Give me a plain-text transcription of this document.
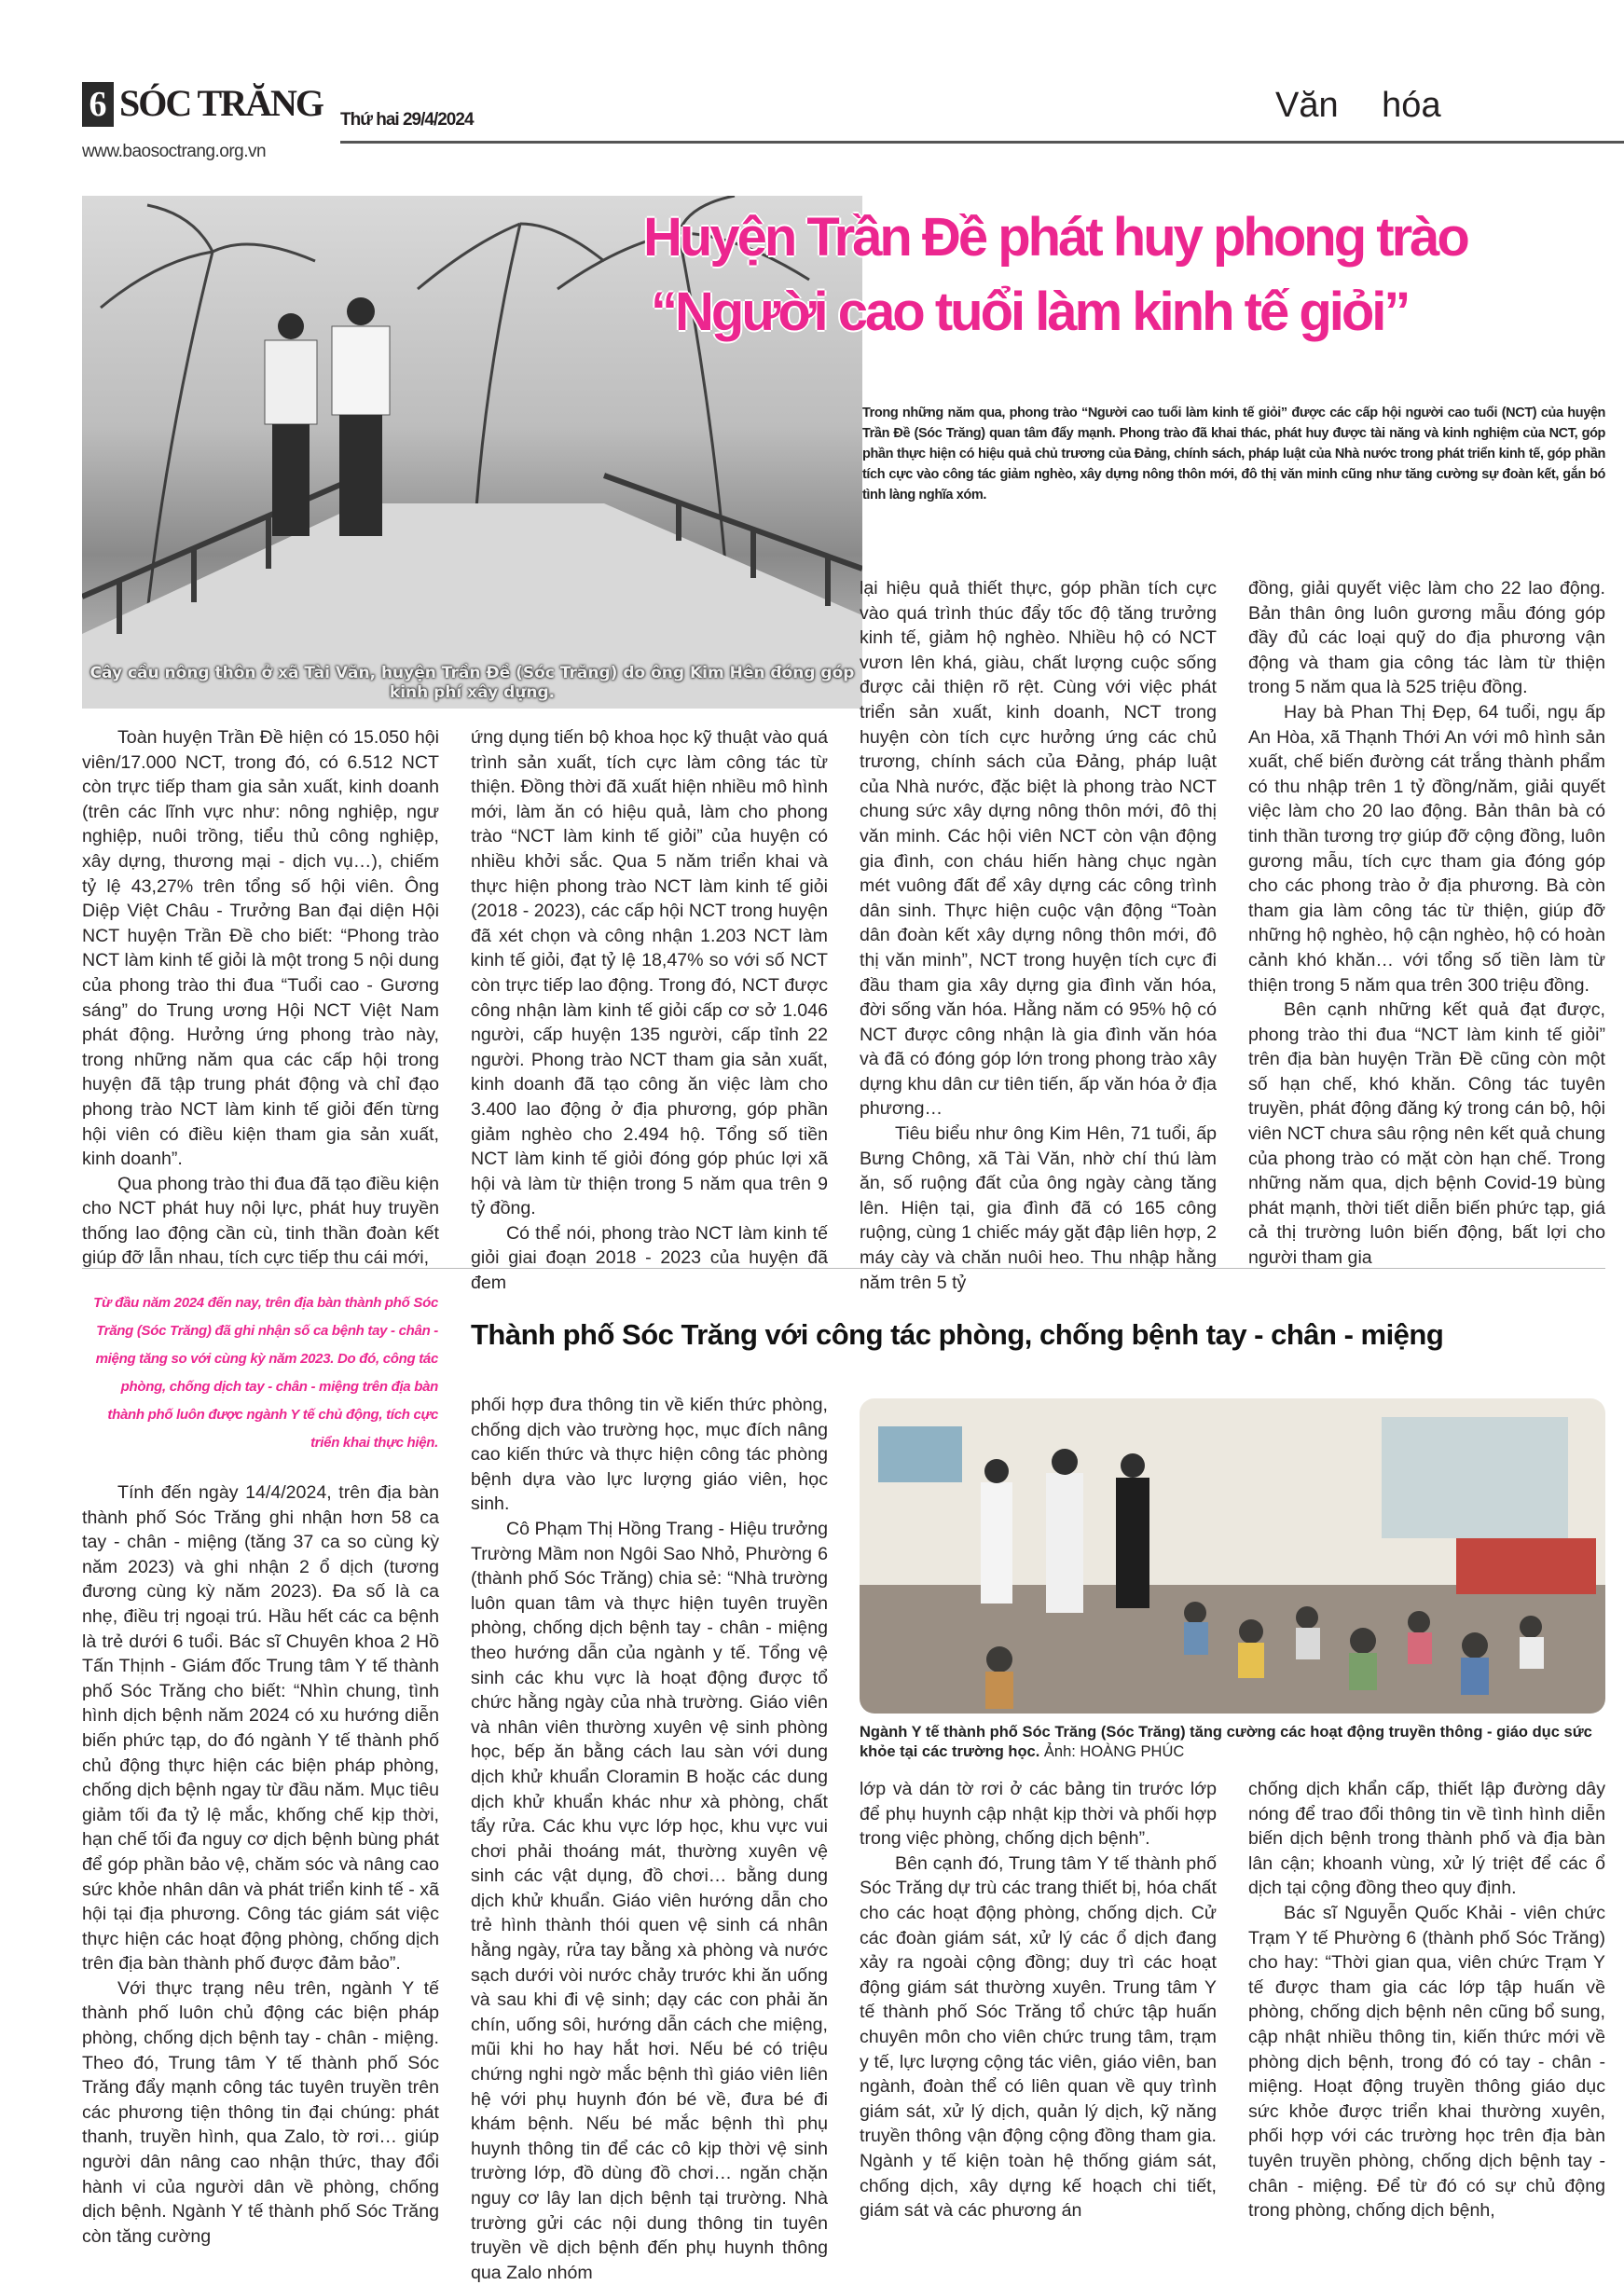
6 SÓC TRĂNG	Thứ hai 29/4/2024	Văn hóa
www.baosoctrang.org.vn
Cây cầu nông thôn ở xã Tài Văn, huyện Trần Đề (Sóc Trăng) do ông Kim Hên đóng góp kinh phí xây dựng.
Huyện Trần Đề phát huy phong trào
“Người cao tuổi làm kinh tế giỏi”
Trong những năm qua, phong trào “Người cao tuổi làm kinh tế giỏi” được các cấp hội người cao tuổi (NCT) của huyện Trần Đề (Sóc Trăng) quan tâm đẩy mạnh. Phong trào đã khai thác, phát huy được tài năng và kinh nghiệm của NCT, góp phần thực hiện có hiệu quả chủ trương của Đảng, chính sách, pháp luật của Nhà nước trong phát triển kinh tế, góp phần tích cực vào công tác giảm nghèo, xây dựng nông thôn mới, đô thị văn minh cũng như tăng cường sự đoàn kết, gắn bó tình làng nghĩa xóm.

Toàn huyện Trần Đề hiện có 15.050 hội viên/17.000 NCT, trong đó, có 6.512 NCT còn trực tiếp tham gia sản xuất, kinh doanh (trên các lĩnh vực như: nông nghiệp, ngư nghiệp, nuôi trồng, tiểu thủ công nghiệp, xây dựng, thương mại - dịch vụ…), chiếm tỷ lệ 43,27% trên tổng số hội viên. Ông Diệp Việt Châu - Trưởng Ban đại diện Hội NCT huyện Trần Đề cho biết: “Phong trào NCT làm kinh tế giỏi là một trong 5 nội dung của phong trào thi đua “Tuổi cao - Gương sáng” do Trung ương Hội NCT Việt Nam phát động. Hưởng ứng phong trào này, trong những năm qua các cấp hội trong huyện đã tập trung phát động và chỉ đạo phong trào NCT làm kinh tế giỏi đến từng hội viên có điều kiện tham gia sản xuất, kinh doanh”.

Qua phong trào thi đua đã tạo điều kiện cho NCT phát huy nội lực, phát huy truyền thống lao động cần cù, tinh thần đoàn kết giúp đỡ lẫn nhau, tích cực tiếp thu cái mới,

ứng dụng tiến bộ khoa học kỹ thuật vào quá trình sản xuất, tích cực làm công tác từ thiện. Đồng thời đã xuất hiện nhiều mô hình mới, làm ăn có hiệu quả, làm cho phong trào “NCT làm kinh tế giỏi” của huyện có nhiều khởi sắc. Qua 5 năm triển khai và thực hiện phong trào NCT làm kinh tế giỏi (2018 - 2023), các cấp hội NCT trong huyện đã xét chọn và công nhận 1.203 NCT làm kinh tế giỏi, đạt tỷ lệ 18,47% so với số NCT còn trực tiếp lao động. Trong đó, NCT được công nhận làm kinh tế giỏi cấp cơ sở 1.046 người, cấp huyện 135 người, cấp tỉnh 22 người. Phong trào NCT tham gia sản xuất, kinh doanh đã tạo công ăn việc làm cho 3.400 lao động ở địa phương, góp phần giảm nghèo cho 2.494 hộ. Tổng số tiền NCT làm kinh tế giỏi đóng góp phúc lợi xã hội và làm từ thiện trong 5 năm qua trên 9 tỷ đồng.

Có thể nói, phong trào NCT làm kinh tế giỏi giai đoạn 2018 - 2023 của huyện đã đem

lại hiệu quả thiết thực, góp phần tích cực vào quá trình thúc đẩy tốc độ tăng trưởng kinh tế, giảm hộ nghèo. Nhiều hộ có NCT vươn lên khá, giàu, chất lượng cuộc sống được cải thiện rõ rệt. Cùng với việc phát triển sản xuất, kinh doanh, NCT trong huyện còn tích cực hưởng ứng các chủ trương, chính sách của Đảng, pháp luật của Nhà nước, đặc biệt là phong trào NCT chung sức xây dựng nông thôn mới, đô thị văn minh. Các hội viên NCT còn vận động gia đình, con cháu hiến hàng chục ngàn mét vuông đất để xây dựng các công trình dân sinh. Thực hiện cuộc vận động “Toàn dân đoàn kết xây dựng nông thôn mới, đô thị văn minh”, NCT trong huyện tích cực đi đầu tham gia xây dựng gia đình văn hóa, đời sống văn hóa. Hằng năm có 95% hộ có NCT được công nhận là gia đình văn hóa và đã có đóng góp lớn trong phong trào xây dựng khu dân cư tiên tiến, ấp văn hóa ở địa phương…

Tiêu biểu như ông Kim Hên, 71 tuổi, ấp Bưng Chông, xã Tài Văn, nhờ chí thú làm ăn, số ruộng đất của ông ngày càng tăng lên. Hiện tại, gia đình đã có 165 công ruộng, cùng 1 chiếc máy gặt đập liên hợp, 2 máy cày và chăn nuôi heo. Thu nhập hằng năm trên 5 tỷ

đồng, giải quyết việc làm cho 22 lao động. Bản thân ông luôn gương mẫu đóng góp đầy đủ các loại quỹ do địa phương vận động và tham gia công tác làm từ thiện trong 5 năm qua là 525 triệu đồng.

Hay bà Phan Thị Đẹp, 64 tuổi, ngụ ấp An Hòa, xã Thạnh Thới An với mô hình sản xuất, chế biến đường cát trắng thành phẩm có thu nhập trên 1 tỷ đồng/năm, giải quyết việc làm cho 20 lao động. Bản thân bà có tinh thần tương trợ giúp đỡ cộng đồng, luôn gương mẫu, tích cực tham gia đóng góp cho các phong trào ở địa phương. Bà còn tham gia làm công tác từ thiện, giúp đỡ những hộ nghèo, hộ cận nghèo, hộ có hoàn cảnh khó khăn… với tổng số tiền làm từ thiện trong 5 năm qua trên 300 triệu đồng.

Bên cạnh những kết quả đạt được, phong trào thi đua “NCT làm kinh tế giỏi” trên địa bàn huyện Trần Đề cũng còn một số hạn chế, khó khăn. Công tác tuyên truyền, phát động đăng ký trong cán bộ, hội viên NCT chưa sâu rộng nên kết quả chung của phong trào có mặt còn hạn chế. Trong những năm qua, dịch bệnh Covid-19 bùng phát mạnh, thời tiết diễn biến phức tạp, giá cả thị trường luôn biến động, bất lợi cho người tham gia

Từ đầu năm 2024 đến nay, trên địa bàn thành phố Sóc Trăng (Sóc Trăng) đã ghi nhận số ca bệnh tay - chân - miệng tăng so với cùng kỳ năm 2023. Do đó, công tác phòng, chống dịch tay - chân - miệng trên địa bàn thành phố luôn được ngành Y tế chủ động, tích cực triển khai thực hiện.
Thành phố Sóc Trăng với công tác phòng, chống bệnh tay - chân - miệng
Ngành Y tế thành phố Sóc Trăng (Sóc Trăng) tăng cường các hoạt động truyền thông - giáo dục sức khỏe tại các trường học. Ảnh: HOÀNG PHÚC

Tính đến ngày 14/4/2024, trên địa bàn thành phố Sóc Trăng ghi nhận hơn 58 ca tay - chân - miệng (tăng 37 ca so cùng kỳ năm 2023) và ghi nhận 2 ổ dịch (tương đương cùng kỳ năm 2023). Đa số là ca nhẹ, điều trị ngoại trú. Hầu hết các ca bệnh là trẻ dưới 6 tuổi. Bác sĩ Chuyên khoa 2 Hồ Tấn Thịnh - Giám đốc Trung tâm Y tế thành phố Sóc Trăng cho biết: “Nhìn chung, tình hình dịch bệnh năm 2024 có xu hướng diễn biến phức tạp, do đó ngành Y tế thành phố chủ động thực hiện các biện pháp phòng, chống dịch bệnh ngay từ đầu năm. Mục tiêu giảm tối đa tỷ lệ mắc, khống chế kịp thời, hạn chế tối đa nguy cơ dịch bệnh bùng phát để góp phần bảo vệ, chăm sóc và nâng cao sức khỏe nhân dân và phát triển kinh tế - xã hội tại địa phương. Công tác giám sát việc thực hiện các hoạt động phòng, chống dịch trên địa bàn thành phố được đảm bảo”.

Với thực trạng nêu trên, ngành Y tế thành phố luôn chủ động các biện pháp phòng, chống dịch bệnh tay - chân - miệng. Theo đó, Trung tâm Y tế thành phố Sóc Trăng đẩy mạnh công tác tuyên truyền trên các phương tiện thông tin đại chúng: phát thanh, truyền hình, qua Zalo, tờ rơi… giúp người dân nâng cao nhận thức, thay đổi hành vi của người dân về phòng, chống dịch bệnh. Ngành Y tế thành phố Sóc Trăng còn tăng cường

phối hợp đưa thông tin về kiến thức phòng, chống dịch vào trường học, mục đích nâng cao kiến thức và thực hiện công tác phòng bệnh dựa vào lực lượng giáo viên, học sinh.

Cô Phạm Thị Hồng Trang - Hiệu trưởng Trường Mầm non Ngôi Sao Nhỏ, Phường 6 (thành phố Sóc Trăng) chia sẻ: “Nhà trường luôn quan tâm và thực hiện tuyên truyền phòng, chống dịch bệnh tay - chân - miệng theo hướng dẫn của ngành y tế. Tổng vệ sinh các khu vực là hoạt động được tổ chức hằng ngày của nhà trường. Giáo viên và nhân viên thường xuyên vệ sinh phòng học, bếp ăn bằng cách lau sàn với dung dịch khử khuẩn Cloramin B hoặc các dung dịch khử khuẩn khác như xà phòng, chất tẩy rửa. Các khu vực lớp học, khu vực vui chơi phải thoáng mát, thường xuyên vệ sinh các vật dụng, đồ chơi… bằng dung dịch khử khuẩn. Giáo viên hướng dẫn cho trẻ hình thành thói quen vệ sinh cá nhân hằng ngày, rửa tay bằng xà phòng và nước sạch dưới vòi nước chảy trước khi ăn uống và sau khi đi vệ sinh; dạy các con phải ăn chín, uống sôi, hướng dẫn cách che miệng, mũi khi ho hay hắt hơi. Nếu bé có triệu chứng nghi ngờ mắc bệnh thì giáo viên liên hệ với phụ huynh đón bé về, đưa bé đi khám bệnh. Nếu bé mắc bệnh thì phụ huynh thông tin để các cô kịp thời vệ sinh trường lớp, đồ dùng đồ chơi… ngăn chặn nguy cơ lây lan dịch bệnh tại trường. Nhà trường gửi các nội dung thông tin tuyên truyền về dịch bệnh đến phụ huynh thông qua Zalo nhóm

lớp và dán tờ rơi ở các bảng tin trước lớp để phụ huynh cập nhật kịp thời và phối hợp trong việc phòng, chống dịch bệnh”.

Bên cạnh đó, Trung tâm Y tế thành phố Sóc Trăng dự trù các trang thiết bị, hóa chất cho các hoạt động phòng, chống dịch. Cử các đoàn giám sát, xử lý các ổ dịch đang xảy ra ngoài cộng đồng; duy trì các hoạt động giám sát thường xuyên. Trung tâm Y tế thành phố Sóc Trăng tổ chức tập huấn chuyên môn cho viên chức trung tâm, trạm y tế, lực lượng cộng tác viên, giáo viên, ban ngành, đoàn thể có liên quan về quy trình giám sát, xử lý dịch, quản lý dịch, kỹ năng truyền thông vận động cộng đồng tham gia. Ngành y tế kiện toàn hệ thống giám sát, chống dịch, xây dựng kế hoạch chi tiết, giám sát và các phương án

chống dịch khẩn cấp, thiết lập đường dây nóng để trao đổi thông tin về tình hình diễn biến dịch bệnh trong thành phố và địa bàn lân cận; khoanh vùng, xử lý triệt để các ổ dịch tại cộng đồng theo quy định.

Bác sĩ Nguyễn Quốc Khải - viên chức Trạm Y tế Phường 6 (thành phố Sóc Trăng) cho hay: “Thời gian qua, viên chức Trạm Y tế được tham gia các lớp tập huấn về phòng, chống dịch bệnh nên cũng bổ sung, cập nhật nhiều thông tin, kiến thức mới về phòng dịch bệnh, trong đó có tay - chân - miệng. Hoạt động truyền thông giáo dục sức khỏe được triển khai thường xuyên, phối hợp với các trường học trên địa bàn tuyên truyền phòng, chống dịch bệnh tay - chân - miệng. Để từ đó có sự chủ động trong phòng, chống dịch bệnh,
